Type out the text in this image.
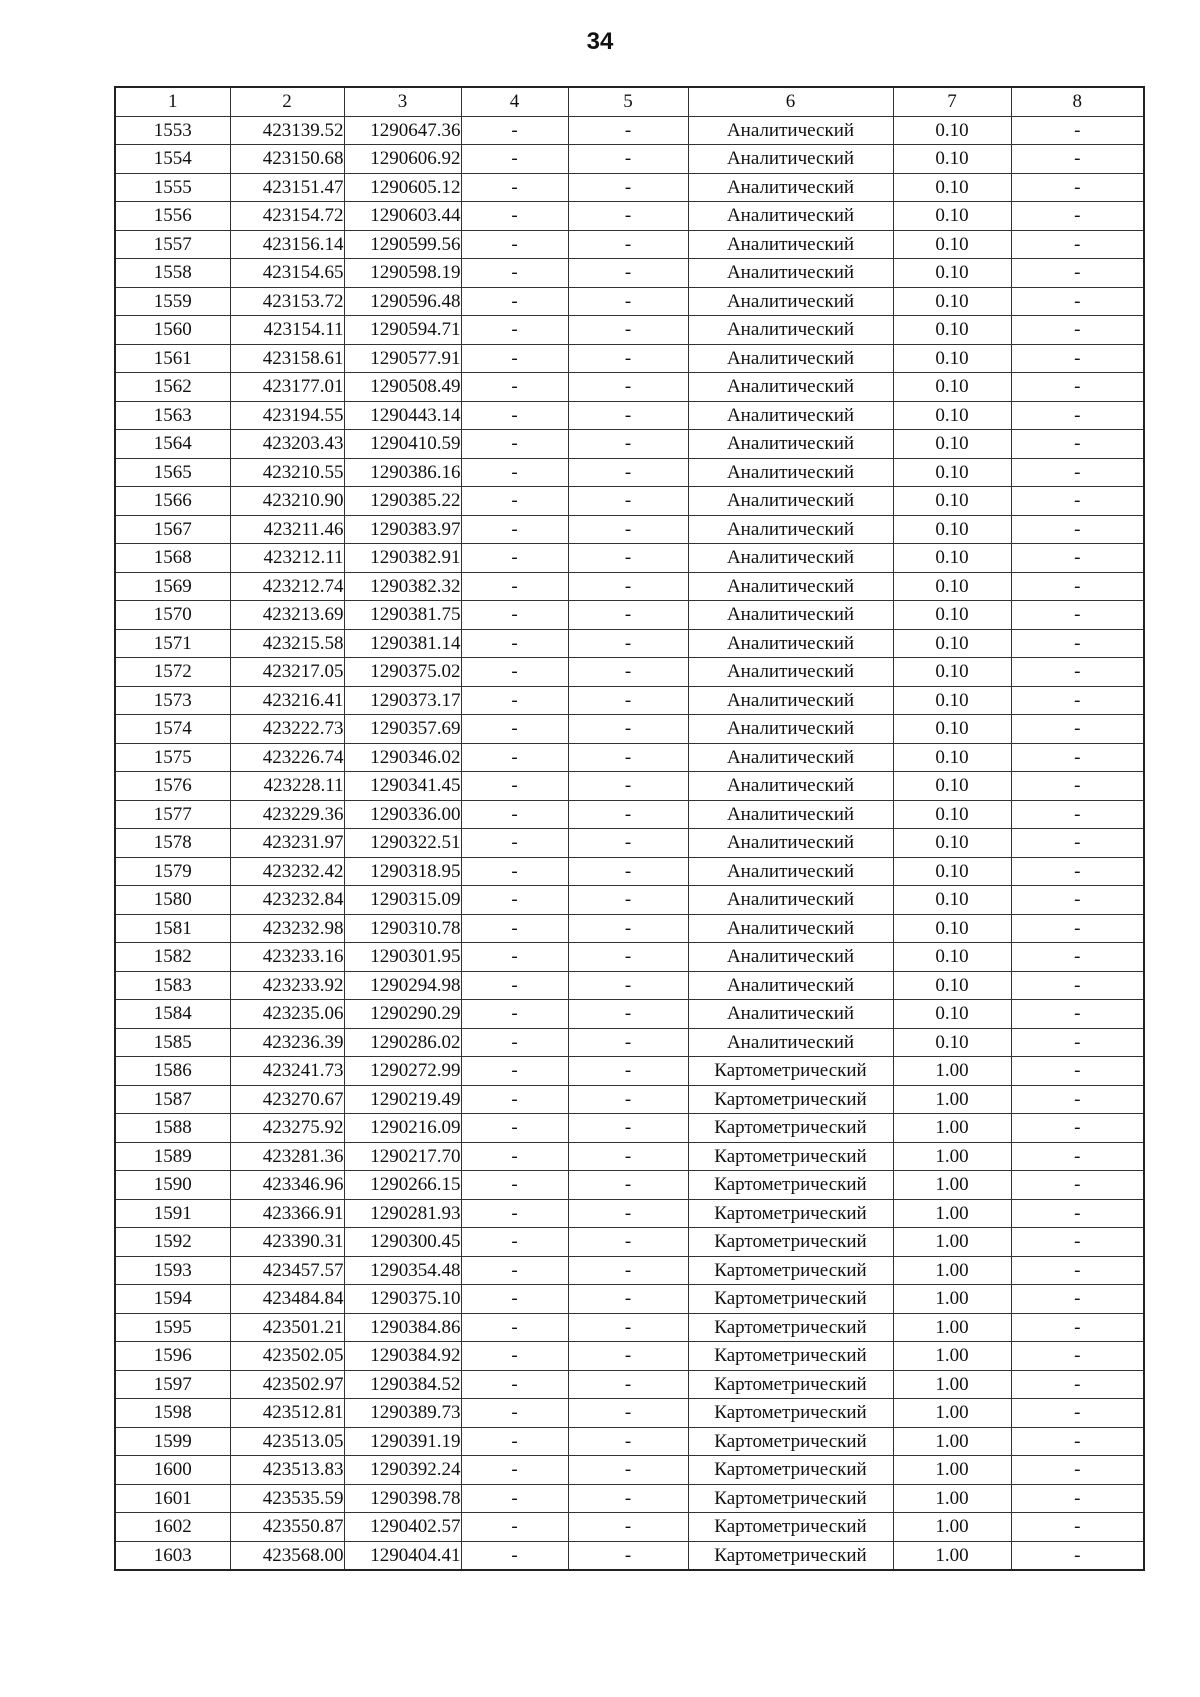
34
1	2	3	4	5	6	7	8
1553	423139.52	1290647.36	-	-	Аналитический	0.10	-
1554	423150.68	1290606.92	-	-	Аналитический	0.10	-
1555	423151.47	1290605.12	-	-	Аналитический	0.10	-
1556	423154.72	1290603.44	-	-	Аналитический	0.10	-
1557	423156.14	1290599.56	-	-	Аналитический	0.10	-
1558	423154.65	1290598.19	-	-	Аналитический	0.10	-
1559	423153.72	1290596.48	-	-	Аналитический	0.10	-
1560	423154.11	1290594.71	-	-	Аналитический	0.10	-
1561	423158.61	1290577.91	-	-	Аналитический	0.10	-
1562	423177.01	1290508.49	-	-	Аналитический	0.10	-
1563	423194.55	1290443.14	-	-	Аналитический	0.10	-
1564	423203.43	1290410.59	-	-	Аналитический	0.10	-
1565	423210.55	1290386.16	-	-	Аналитический	0.10	-
1566	423210.90	1290385.22	-	-	Аналитический	0.10	-
1567	423211.46	1290383.97	-	-	Аналитический	0.10	-
1568	423212.11	1290382.91	-	-	Аналитический	0.10	-
1569	423212.74	1290382.32	-	-	Аналитический	0.10	-
1570	423213.69	1290381.75	-	-	Аналитический	0.10	-
1571	423215.58	1290381.14	-	-	Аналитический	0.10	-
1572	423217.05	1290375.02	-	-	Аналитический	0.10	-
1573	423216.41	1290373.17	-	-	Аналитический	0.10	-
1574	423222.73	1290357.69	-	-	Аналитический	0.10	-
1575	423226.74	1290346.02	-	-	Аналитический	0.10	-
1576	423228.11	1290341.45	-	-	Аналитический	0.10	-
1577	423229.36	1290336.00	-	-	Аналитический	0.10	-
1578	423231.97	1290322.51	-	-	Аналитический	0.10	-
1579	423232.42	1290318.95	-	-	Аналитический	0.10	-
1580	423232.84	1290315.09	-	-	Аналитический	0.10	-
1581	423232.98	1290310.78	-	-	Аналитический	0.10	-
1582	423233.16	1290301.95	-	-	Аналитический	0.10	-
1583	423233.92	1290294.98	-	-	Аналитический	0.10	-
1584	423235.06	1290290.29	-	-	Аналитический	0.10	-
1585	423236.39	1290286.02	-	-	Аналитический	0.10	-
1586	423241.73	1290272.99	-	-	Картометрический	1.00	-
1587	423270.67	1290219.49	-	-	Картометрический	1.00	-
1588	423275.92	1290216.09	-	-	Картометрический	1.00	-
1589	423281.36	1290217.70	-	-	Картометрический	1.00	-
1590	423346.96	1290266.15	-	-	Картометрический	1.00	-
1591	423366.91	1290281.93	-	-	Картометрический	1.00	-
1592	423390.31	1290300.45	-	-	Картометрический	1.00	-
1593	423457.57	1290354.48	-	-	Картометрический	1.00	-
1594	423484.84	1290375.10	-	-	Картометрический	1.00	-
1595	423501.21	1290384.86	-	-	Картометрический	1.00	-
1596	423502.05	1290384.92	-	-	Картометрический	1.00	-
1597	423502.97	1290384.52	-	-	Картометрический	1.00	-
1598	423512.81	1290389.73	-	-	Картометрический	1.00	-
1599	423513.05	1290391.19	-	-	Картометрический	1.00	-
1600	423513.83	1290392.24	-	-	Картометрический	1.00	-
1601	423535.59	1290398.78	-	-	Картометрический	1.00	-
1602	423550.87	1290402.57	-	-	Картометрический	1.00	-
1603	423568.00	1290404.41	-	-	Картометрический	1.00	-
